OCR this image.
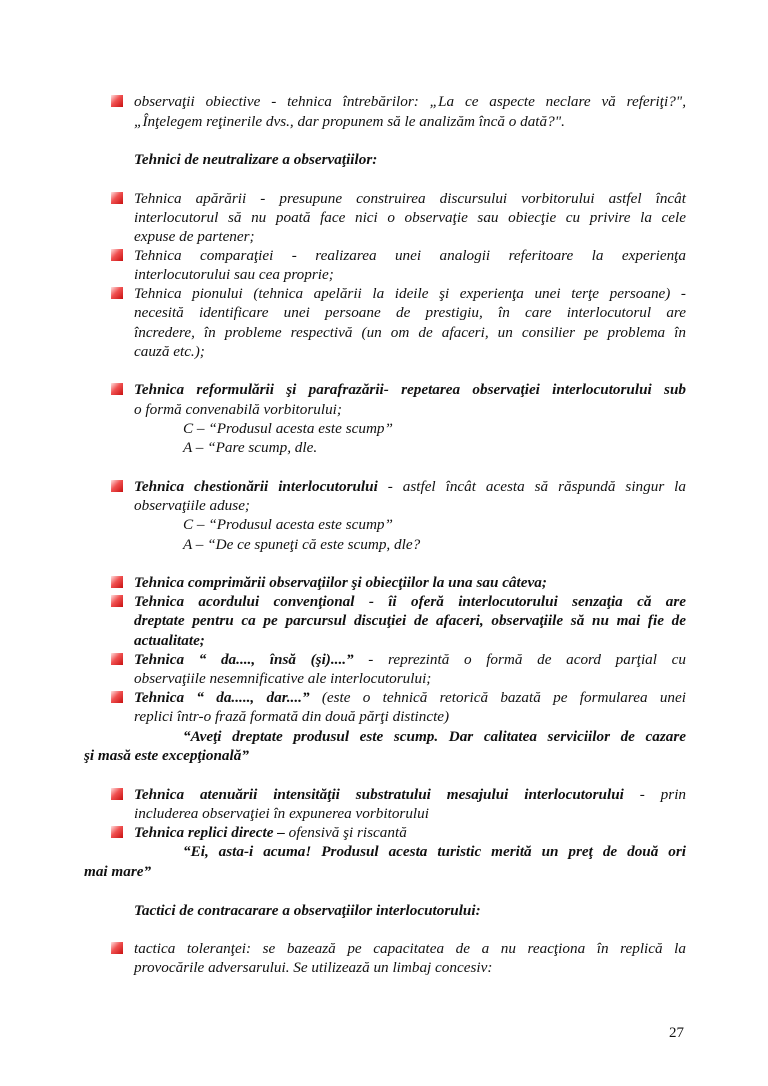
observaţii obiective - tehnica întrebărilor: „La ce aspecte neclare vă referiţi?",
„Înţelegem reţinerile dvs., dar propunem să le analizăm încă o dată?".
Tehnici de neutralizare a observaţiilor:
Tehnica apărării - presupune construirea discursului vorbitorului astfel încât
interlocutorul să nu poată face nici o observaţie sau obiecţie cu privire la cele
expuse de partener;
Tehnica comparaţiei - realizarea unei analogii referitoare la experienţa
interlocutorului sau cea proprie;
Tehnica pionului (tehnica apelării la ideile şi experienţa unei terţe persoane) -
necesită identificare unei persoane de prestigiu, în care interlocutorul are
încredere, în probleme respectivă (un om de afaceri, un consilier pe problema în
cauză etc.);
Tehnica reformulării şi parafrazării- repetarea observaţiei interlocutorului sub
o formă convenabilă vorbitorului;
C – “Produsul acesta este scump”
A – “Pare scump, dle.
Tehnica chestionării interlocutorului - astfel încât acesta să răspundă singur la
observaţiile aduse;
C – “Produsul acesta este scump”
A – “De ce spuneţi că este scump, dle?
Tehnica comprimării observaţiilor şi obiecţiilor la una sau câteva;
Tehnica acordului convenţional - îi oferă interlocutorului senzaţia că are
dreptate pentru ca pe parcursul discuţiei de afaceri, observaţiile să nu mai fie de
actualitate;
Tehnica “ da...., însă (şi)....” - reprezintă o formă de acord parţial cu
observaţiile nesemnificative ale interlocutorului;
Tehnica “ da....., dar....” (este o tehnică retorică bazată pe formularea unei
replici într-o frază formată din două părţi distincte)
“Aveţi dreptate produsul este scump. Dar calitatea serviciilor de cazare
şi masă este excepţională”
Tehnica atenuării intensităţii substratului mesajului interlocutorului - prin
includerea observaţiei în expunerea vorbitorului
Tehnica replici directe – ofensivă şi riscantă
“Ei, asta-i acuma! Produsul acesta turistic merită un preţ de două ori
mai mare”
Tactici de contracarare a observaţiilor interlocutorului:
tactica toleranţei: se bazează pe capacitatea de a nu reacţiona în replică la
provocările adversarului. Se utilizează un limbaj concesiv:
27
